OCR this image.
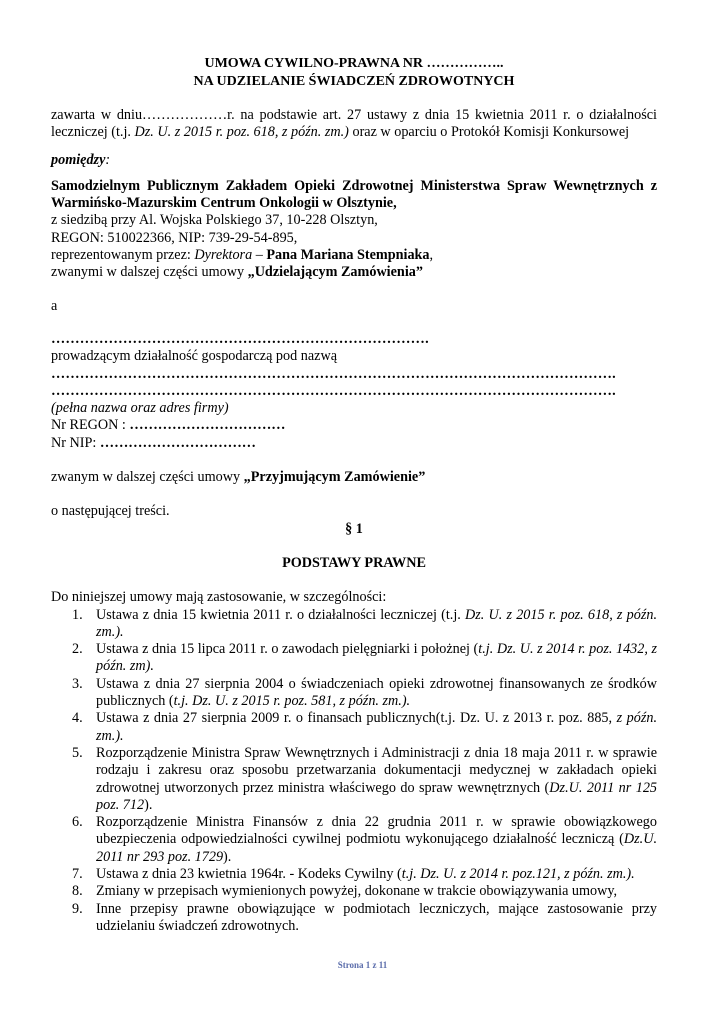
UMOWA CYWILNO-PRAWNA NR ……………..
NA UDZIELANIE ŚWIADCZEŃ ZDROWOTNYCH
zawarta w dniu………………r. na podstawie art. 27 ustawy z dnia 15 kwietnia 2011 r. o działalności leczniczej (t.j. Dz. U. z 2015 r. poz. 618, z późn. zm.) oraz w oparciu o Protokół Komisji Konkursowej
pomiędzy:
Samodzielnym Publicznym Zakładem Opieki Zdrowotnej Ministerstwa Spraw Wewnętrznych z Warmińsko-Mazurskim Centrum Onkologii w Olsztynie,
z siedzibą przy Al. Wojska Polskiego 37, 10-228 Olsztyn,
REGON: 510022366, NIP: 739-29-54-895,
reprezentowanym przez: Dyrektora – Pana Mariana Stempniaka,
zwanymi w dalszej części umowy „Udzielającym Zamówienia”
a
…………………………………………………………………….
prowadzącym działalność gospodarczą pod nazwą
……………………………………………………………………………………………………….
……………………………………………………………………………………………………….
(pełna nazwa oraz adres firmy)
Nr REGON : ……………………………
Nr NIP: ……………………………
zwanym w dalszej części umowy „Przyjmującym Zamówienie”
o następującej treści.
§ 1
PODSTAWY PRAWNE
Do niniejszej umowy mają zastosowanie, w szczególności:
1. Ustawa z dnia 15 kwietnia 2011 r. o działalności leczniczej (t.j. Dz. U. z 2015 r. poz. 618, z późn. zm.).
2. Ustawa z dnia 15 lipca 2011 r. o zawodach pielęgniarki i położnej (t.j. Dz. U. z 2014 r. poz. 1432, z późn. zm).
3. Ustawa z dnia 27 sierpnia 2004 o świadczeniach opieki zdrowotnej finansowanych ze środków publicznych (t.j. Dz. U. z 2015 r. poz. 581, z późn. zm.).
4. Ustawa z dnia 27 sierpnia 2009 r. o finansach publicznych(t.j. Dz. U. z 2013 r. poz. 885, z późn. zm.).
5. Rozporządzenie Ministra Spraw Wewnętrznych i Administracji z dnia 18 maja 2011 r. w sprawie rodzaju i zakresu oraz sposobu przetwarzania dokumentacji medycznej w zakładach opieki zdrowotnej utworzonych przez ministra właściwego do spraw wewnętrznych (Dz.U. 2011 nr 125 poz. 712).
6. Rozporządzenie Ministra Finansów z dnia 22 grudnia 2011 r. w sprawie obowiązkowego ubezpieczenia odpowiedzialności cywilnej podmiotu wykonującego działalność leczniczą (Dz.U. 2011 nr 293 poz. 1729).
7. Ustawa z dnia 23 kwietnia 1964r. - Kodeks Cywilny (t.j. Dz. U. z 2014 r. poz.121, z późn. zm.).
8. Zmiany w przepisach wymienionych powyżej, dokonane w trakcie obowiązywania umowy,
9. Inne przepisy prawne obowiązujące w podmiotach leczniczych, mające zastosowanie przy udzielaniu świadczeń zdrowotnych.
Strona 1 z 11
